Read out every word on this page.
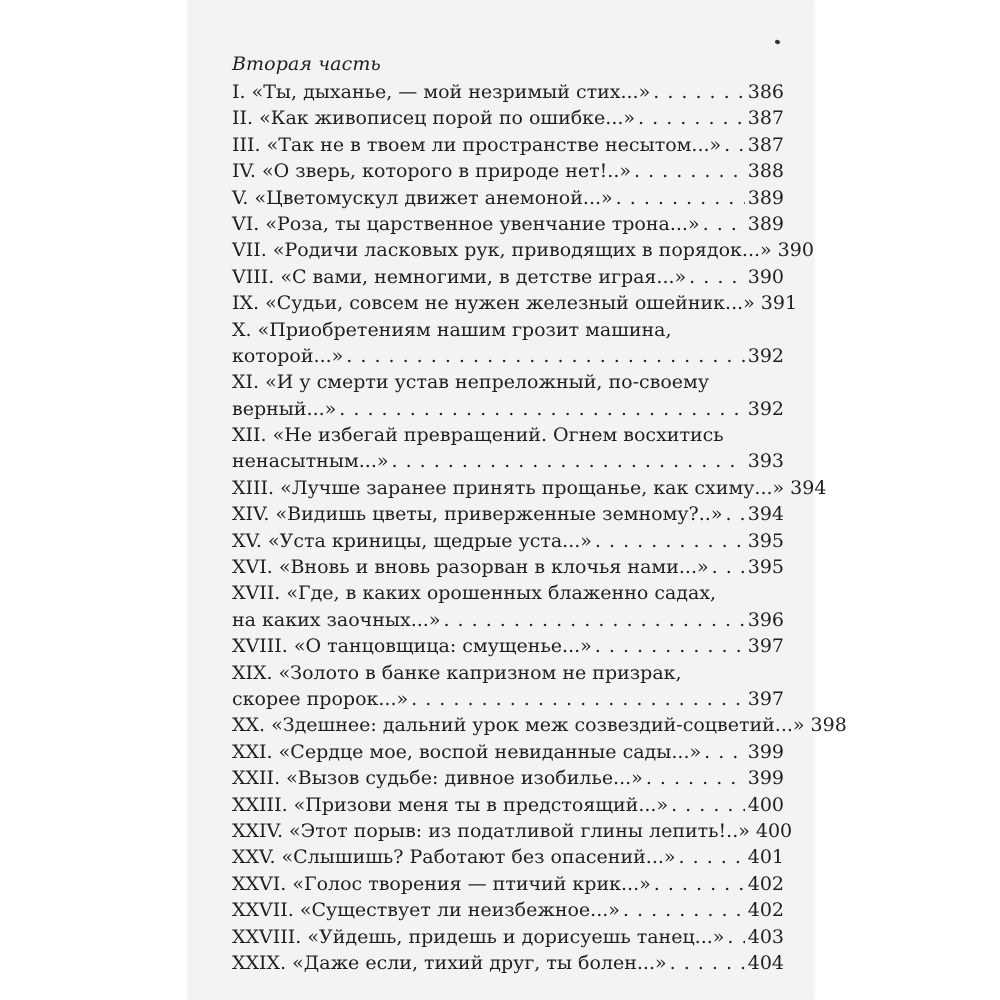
Вторая часть
I. «Ты, дыханье, — мой незримый стих...» . . .	386
II. «Как живописец порой по ошибке...» . . .	387
III. «Так не в твоем ли пространстве несытом...» . . . 387
IV. «О зверь, которого в природе нет!..» . . .	388
V. «Цветомускул движет анемоной...» . . .	389
VI. «Роза, ты царственное увенчание трона...» . . .	389
VII. «Родичи ласковых рук, приводящих в порядок...» 390
VIII. «С вами, немногими, в детстве играя...» . . .	390
IX. «Судьи, совсем не нужен железный ошейник...» 391
X. «Приобретениям нашим грозит машина,
которой...» . . .	392
XI. «И у смерти устав непреложный, по-своему
верный...» . . .	392
XII. «Не избегай превращений. Огнем восхитись
ненасытным...» . . .	393
XIII. «Лучше заранее принять прощанье, как схиму...» 394
XIV. «Видишь цветы, приверженные земному?..» . . . 394
XV. «Уста криницы, щедрые уста...» . . .	395
XVI. «Вновь и вновь разорван в клочья нами...» . . . 395
XVII. «Где, в каких орошенных блаженно садах,
на каких заочных...» . . .	396
XVIII. «О танцовщица: смущенье...» . . .	397
XIX. «Золото в банке капризном не призрак,
скорее пророк...» . . .	397
XX. «Здешнее: дальний урок меж созвездий-соцветий...» 398
XXI. «Сердце мое, воспой невиданные сады...» . . . 399
XXII. «Вызов судьбе: дивное изобилье...» . . .	399
XXIII. «Призови меня ты в предстоящий...» . . .	400
XXIV. «Этот порыв: из податливой глины лепить!..» 400
XXV. «Слышишь? Работают без опасений...» . . .	401
XXVI. «Голос творения — птичий крик...» . . .	402
XXVII. «Существует ли неизбежное...» . . .	402
XXVIII. «Уйдешь, придешь и дорисуешь танец...» . . . 403
XXIX. «Даже если, тихий друг, ты болен...» . . .	404
